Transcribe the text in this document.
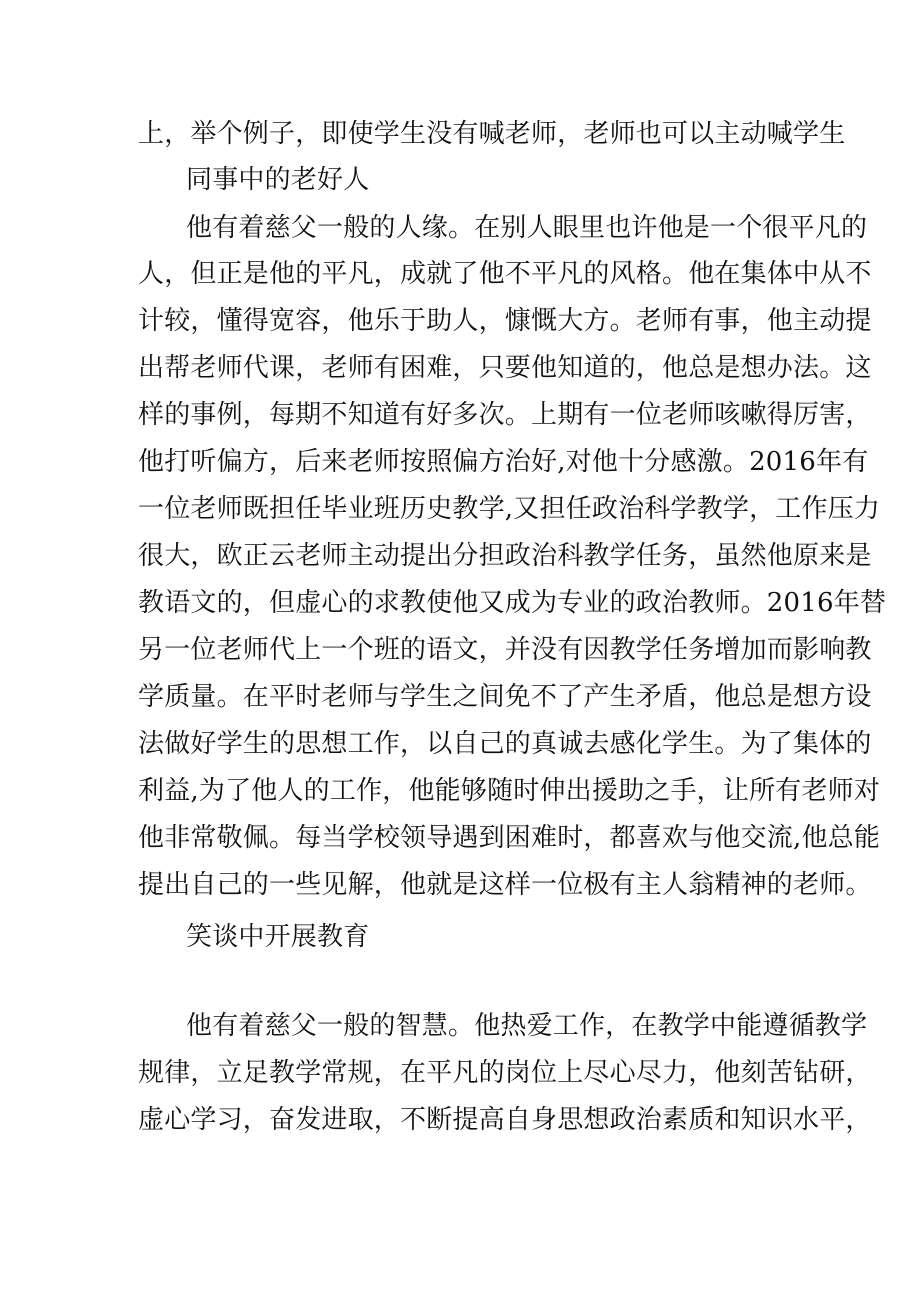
上，举个例子，即使学生没有喊老师，老师也可以主动喊学生
同事中的老好人
他有着慈父一般的人缘。在别人眼里也许他是一个很平凡的
人，但正是他的平凡，成就了他不平凡的风格。他在集体中从不
计较，懂得宽容，他乐于助人，慷慨大方。老师有事，他主动提
出帮老师代课，老师有困难，只要他知道的，他总是想办法。这
样的事例，每期不知道有好多次。上期有一位老师咳嗽得厉害，
他打听偏方，后来老师按照偏方治好,对他十分感激。2016年有
一位老师既担任毕业班历史教学,又担任政治科学教学，工作压力
很大，欧正云老师主动提出分担政治科教学任务，虽然他原来是
教语文的，但虚心的求教使他又成为专业的政治教师。2016年替
另一位老师代上一个班的语文，并没有因教学任务增加而影响教
学质量。在平时老师与学生之间免不了产生矛盾，他总是想方设
法做好学生的思想工作，以自己的真诚去感化学生。为了集体的
利益,为了他人的工作，他能够随时伸出援助之手，让所有老师对
他非常敬佩。每当学校领导遇到困难时，都喜欢与他交流,他总能
提出自己的一些见解，他就是这样一位极有主人翁精神的老师。
笑谈中开展教育
他有着慈父一般的智慧。他热爱工作，在教学中能遵循教学
规律，立足教学常规，在平凡的岗位上尽心尽力，他刻苦钻研，
虚心学习，奋发进取，不断提高自身思想政治素质和知识水平，
